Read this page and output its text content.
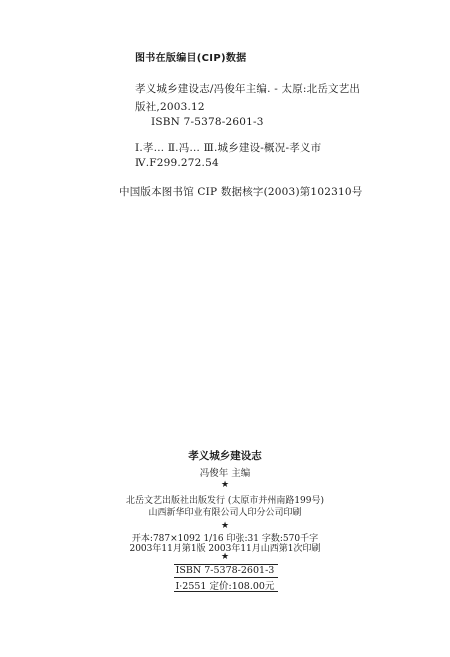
图书在版编目(CIP)数据
孝义城乡建设志/冯俊年主编. - 太原:北岳文艺出
版社,2003.12
ISBN 7-5378-2601-3
Ⅰ.孝… Ⅱ.冯… Ⅲ.城乡建设-概况-孝义市
Ⅳ.F299.272.54
中国版本图书馆 CIP 数据核字(2003)第102310号
孝义城乡建设志
冯俊年 主编
★
北岳文艺出版社出版发行 (太原市并州南路199号)
山西新华印业有限公司人印分公司印刷
★
开本:787×1092 1/16 印张:31 字数:570千字
2003年11月第1版 2003年11月山西第1次印刷
★
ISBN 7-5378-2601-3
Ⅰ·2551 定价:108.00元
